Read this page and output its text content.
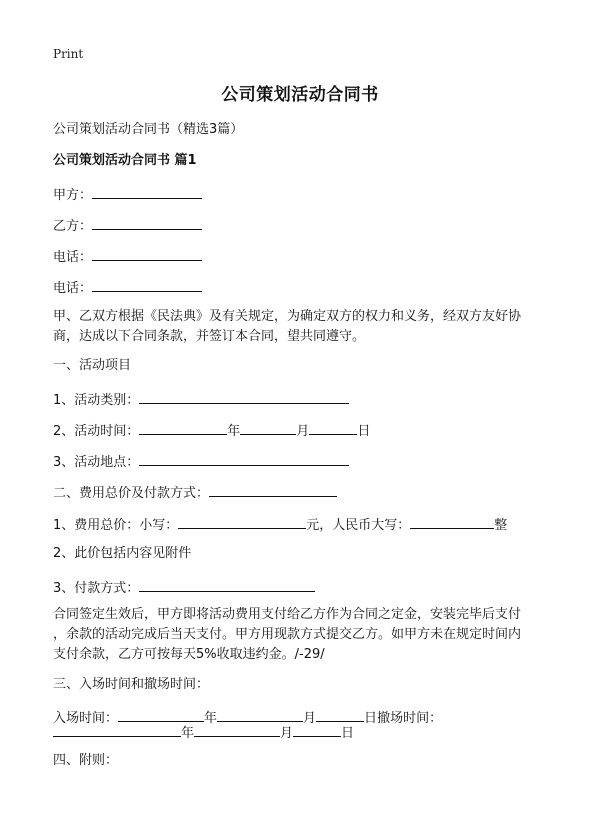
Print
公司策划活动合同书
公司策划活动合同书（精选3篇）
公司策划活动合同书 篇1
甲方：
乙方：
电话：
电话：
甲、乙双方根据《民法典》及有关规定，为确定双方的权力和义务，经双方友好协
商，达成以下合同条款，并签订本合同，望共同遵守。
一、活动项目
1、活动类别：
2、活动时间：	年	月	日
3、活动地点：
二、费用总价及付款方式：
1、费用总价：小写：	元，人民币大写：	整
2、此价包括内容见附件
3、付款方式：
合同签定生效后，甲方即将活动费用支付给乙方作为合同之定金，安装完毕后支付
，余款的活动完成后当天支付。甲方用现款方式提交乙方。如甲方未在规定时间内
支付余款，乙方可按每天5%收取违约金。/-29/
三、入场时间和撤场时间：
入场时间：	年	月	日撤场时间：
年	月	日
四、附则：
